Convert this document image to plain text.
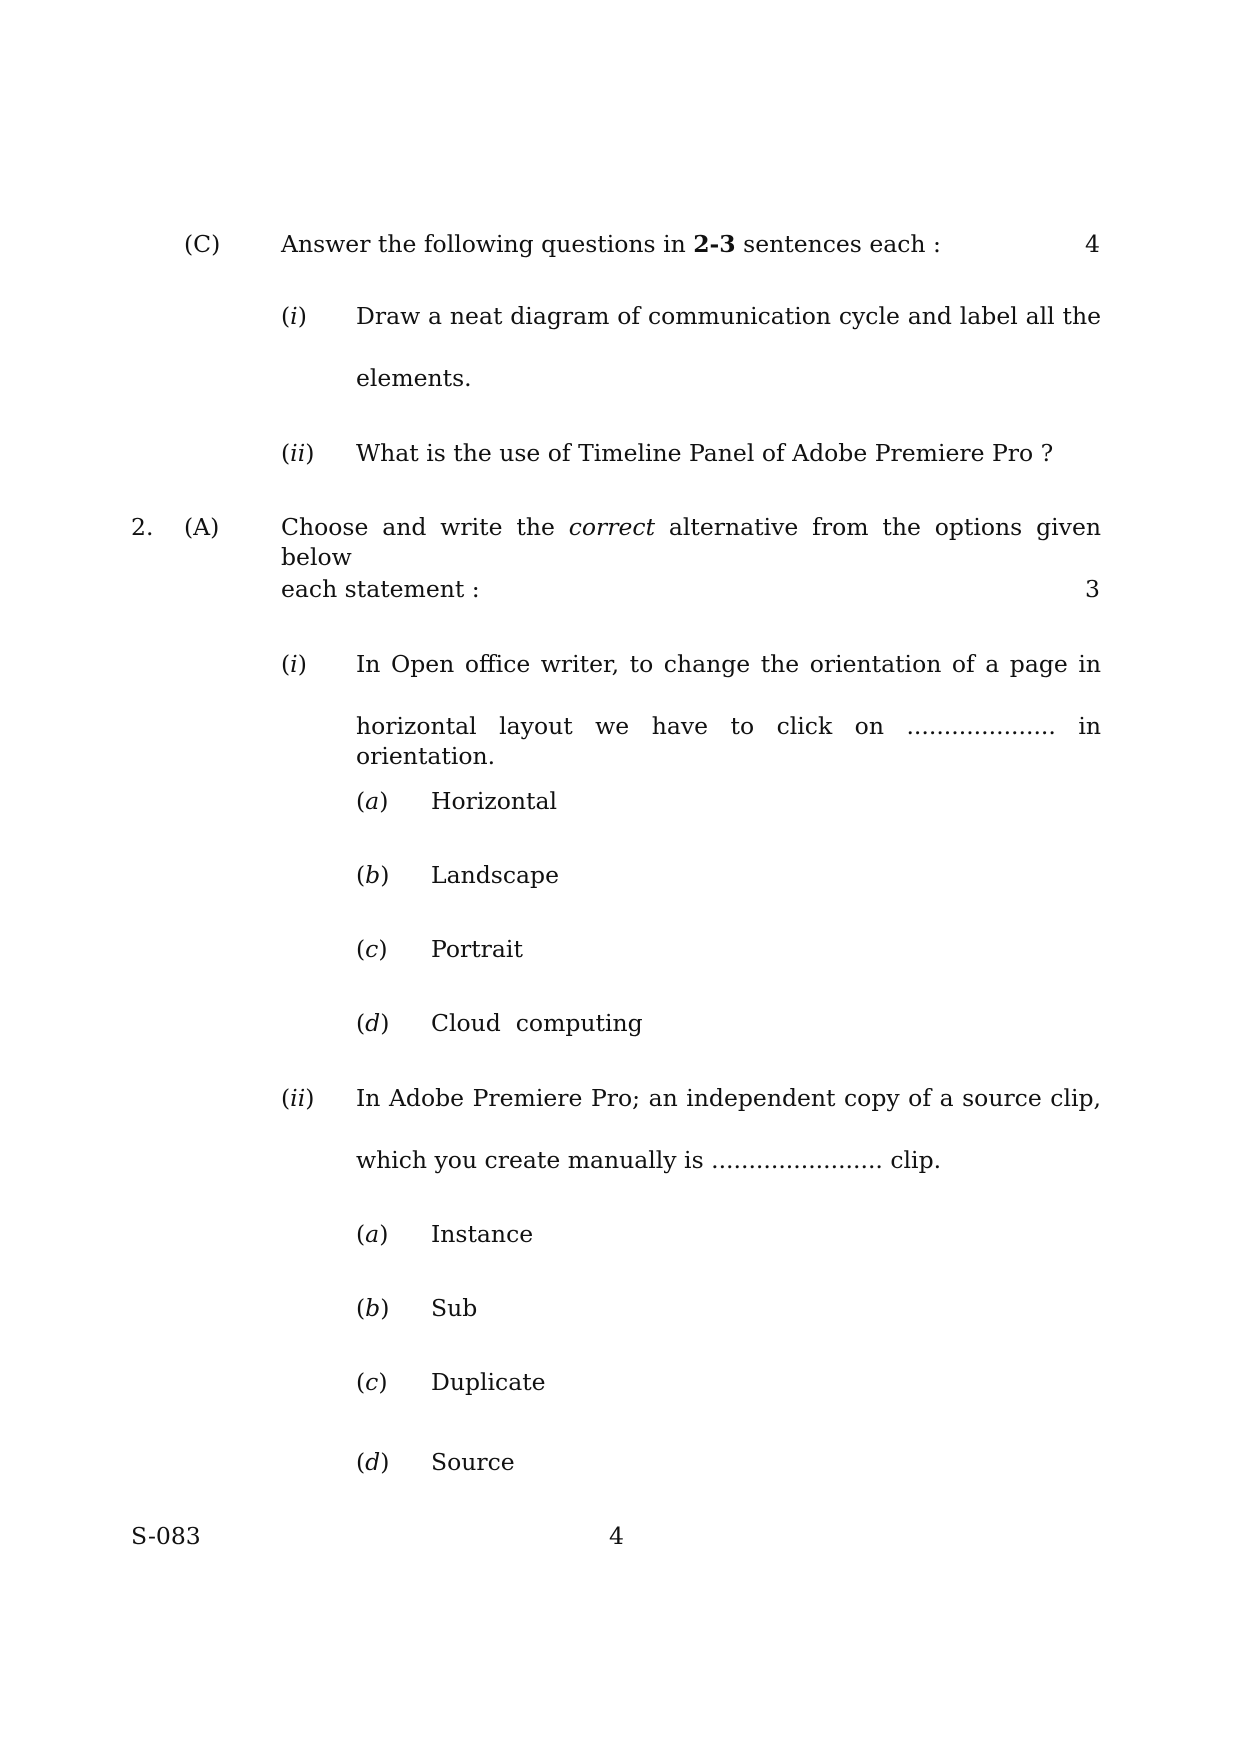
(C)	Answer the following questions in 2-3 sentences each :	4
(i) Draw a neat diagram of communication cycle and label all the
elements.
(ii) What is the use of Timeline Panel of Adobe Premiere Pro ?
2. (A)	Choose and write the correct alternative from the options given below
each statement :	3
(i) In Open office writer, to change the orientation of a page in
horizontal layout we have to click on .................... in orientation.
(a) Horizontal
(b) Landscape
(c) Portrait
(d) Cloud  computing
(ii) In Adobe Premiere Pro; an independent copy of a source clip,
which you create manually is ....................... clip.
(a) Instance
(b) Sub
(c) Duplicate
(d) Source
S-083	4
